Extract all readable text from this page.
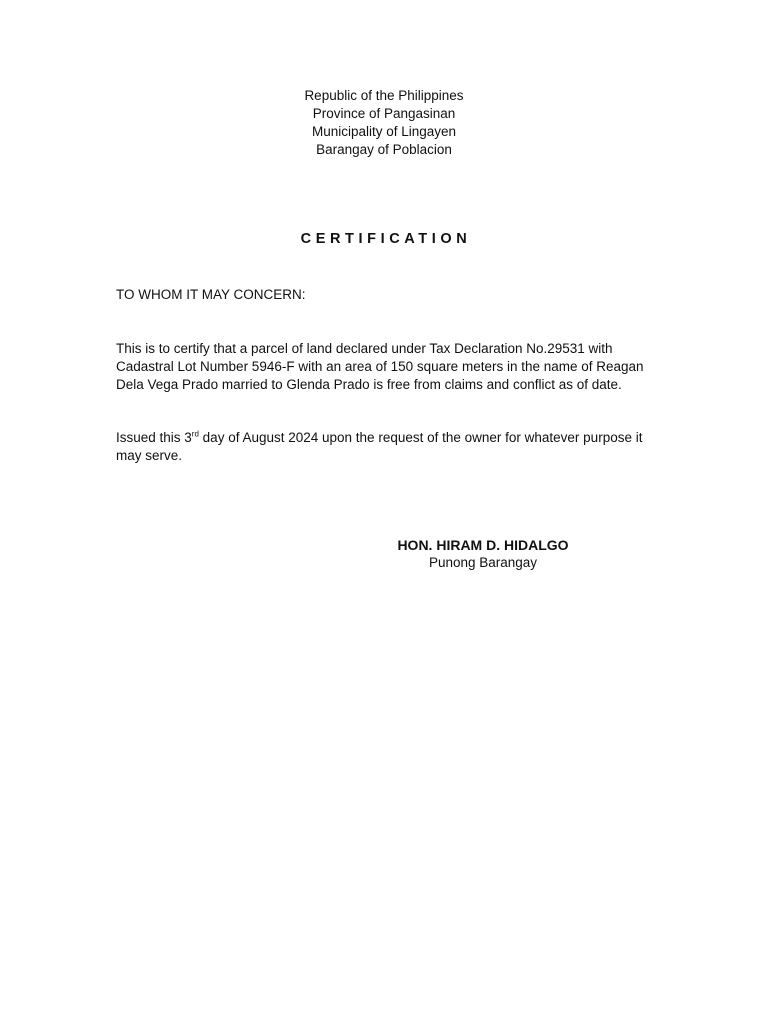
Republic of the Philippines
Province of Pangasinan
Municipality of Lingayen
Barangay of Poblacion
CERTIFICATION
TO WHOM IT MAY CONCERN:

This is to certify that a parcel of land declared under Tax Declaration No.29531 with Cadastral Lot Number 5946-F with an area of 150 square meters in the name of Reagan Dela Vega Prado married to Glenda Prado is free from claims and conflict as of date.

Issued this 3rd day of August 2024 upon the request of the owner for whatever purpose it may serve.

HON. HIRAM D. HIDALGO
Punong Barangay
